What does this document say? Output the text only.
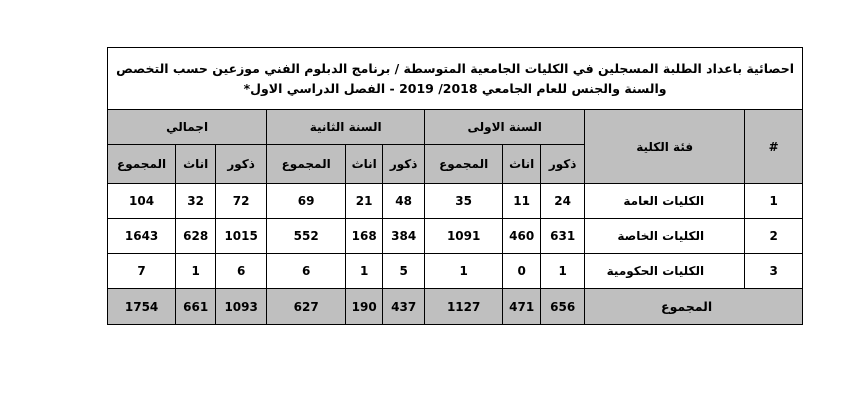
احصائية باعداد الطلبة المسجلين في الكليات الجامعية المتوسطة / برنامج الدبلوم الفني موزعين حسب التخصص والسنة والجنس للعام الجامعي 2018/ 2019 - الفصل الدراسي الاول*										
#	فئة الكلية	السنة الاولى			السنة الثانية			اجمالي		
		ذكور	اناث	المجموع	ذكور	اناث	المجموع	ذكور	اناث	المجموع
1	الكليات العامة	24	11	35	48	21	69	72	32	104
2	الكليات الخاصة	631	460	1091	384	168	552	1015	628	1643
3	الكليات الحكومية	1	0	1	5	1	6	6	1	7
المجموع		656	471	1127	437	190	627	1093	661	1754
